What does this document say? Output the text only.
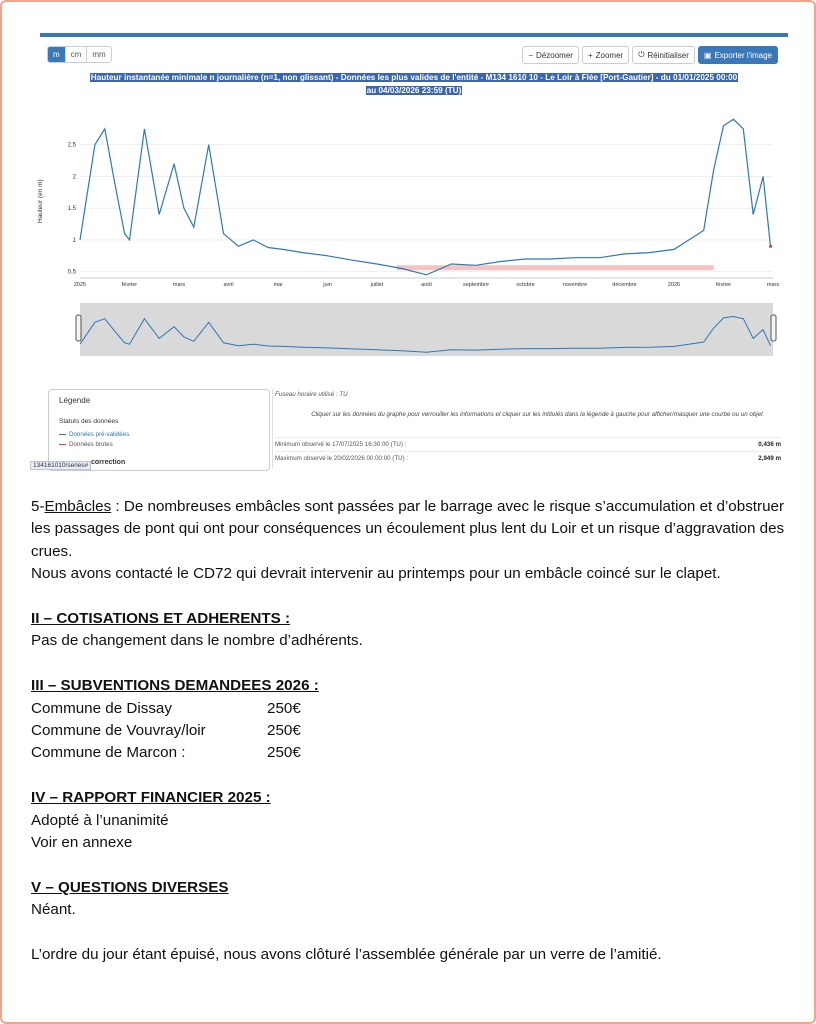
m	cm	mm	− Dézoomer + Zoomer ⏻ Réinitialiser ▣ Exporter l'image
Hauteur instantanée minimale n journalière (n=1, non glissant) - Données les plus valides de l'entité - M134 1610 10 - Le Loir à Flée [Port-Gautier] - du 01/01/2025 00:00
au 04/03/2026 23:59 (TU)
Hauteur (en m)
0.5
1
1.5
2
2.5
2025	février	mars	avril	mai	juin	juillet	août	septembre	octobre	novembre	décembre	2026	février	mars
Légende
Statuts des données
Données pré-validées
Données brutes
134161010/series# correction
Fuseau horaire utilisé : TU
Cliquer sur les données du graphe pour verrouiller les informations et cliquer sur les intitulés dans la légende à gauche pour afficher/masquer une courbe ou un objet
Minimum observé le 17/07/2025 16:30:00 (TU) :	0,436 m
Maximum observé le 20/02/2026 00:00:00 (TU) :	2,949 m

5-Embâcles : De nombreuses embâcles sont passées par le barrage avec le risque s’accumulation et d’obstruer les passages de pont qui ont pour conséquences un écoulement plus lent du Loir et un risque d’aggravation des crues.

Nous avons contacté le CD72 qui devrait intervenir au printemps pour un embâcle coincé sur le clapet.

II – COTISATIONS ET ADHERENTS :

Pas de changement dans le nombre d’adhérents.

III – SUBVENTIONS DEMANDEES 2026 :

Commune de Dissay	250€
Commune de Vouvray/loir	250€
Commune de Marcon :	250€

IV – RAPPORT FINANCIER 2025 :

Adopté à l’unanimité

Voir en annexe

V – QUESTIONS DIVERSES

Néant.

L’ordre du jour étant épuisé, nous avons clôturé l’assemblée générale par un verre de l’amitié.
